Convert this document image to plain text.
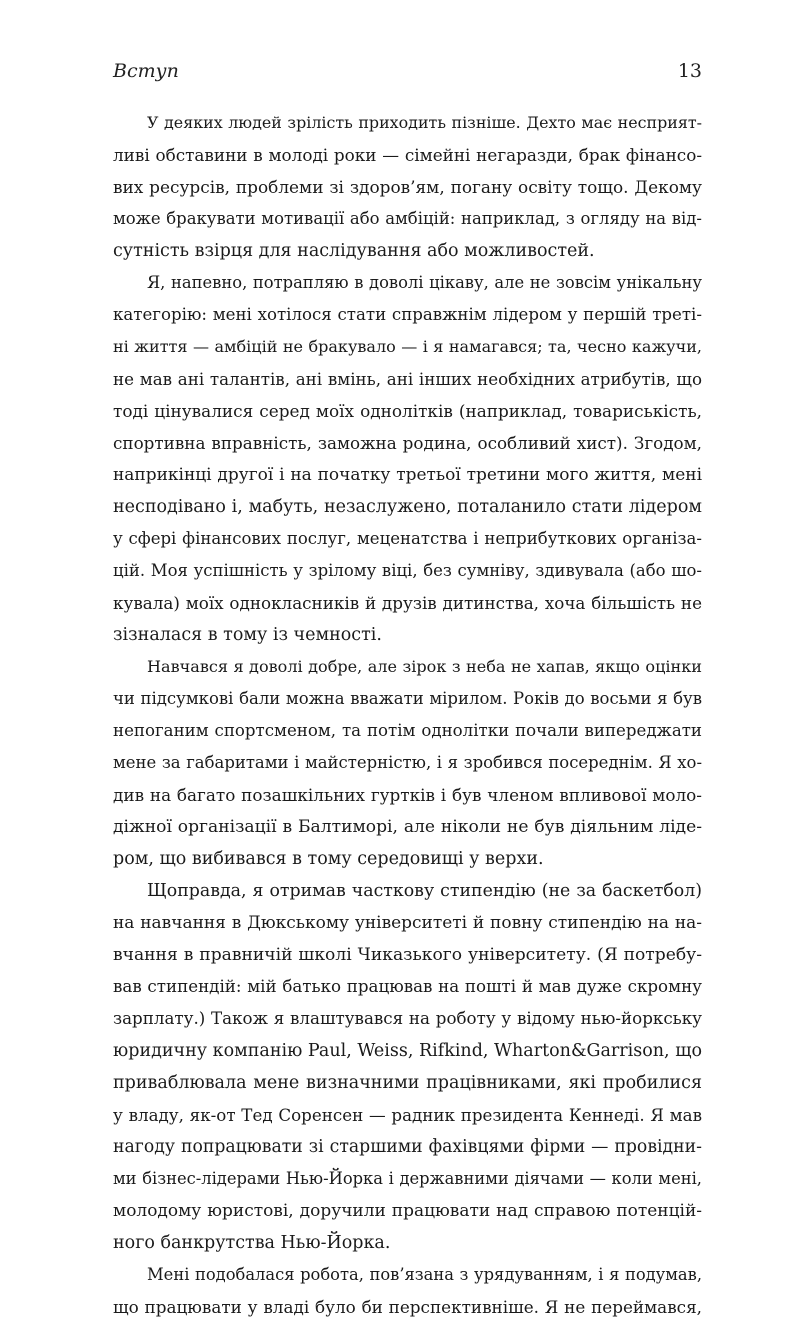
Вступ	13
У деяких людей зрілість приходить пізніше. Дехто має несприят-
ливі обставини в молоді роки — сімейні негаразди, брак фінансо-
вих ресурсів, проблеми зі здоров’ям, погану освіту тощо. Декому
може бракувати мотивації або амбіцій: наприклад, з огляду на від-
сутність взірця для наслідування або можливостей.
Я, напевно, потрапляю в доволі цікаву, але не зовсім унікальну
категорію: мені хотілося стати справжнім лідером у першій треті-
ні життя — амбіцій не бракувало — і я намагався; та, чесно кажучи,
не мав ані талантів, ані вмінь, ані інших необхідних атрибутів, що
тоді цінувалися серед моїх однолітків (наприклад, товариськість,
спортивна вправність, заможна родина, особливий хист). Згодом,
наприкінці другої і на початку третьої третини мого життя, мені
несподівано і, мабуть, незаслужено, поталанило стати лідером
у сфері фінансових послуг, меценатства і неприбуткових організа-
цій. Моя успішність у зрілому віці, без сумніву, здивувала (або шо-
кувала) моїх однокласників й друзів дитинства, хоча більшість не
зізналася в тому із чемності.
Навчався я доволі добре, але зірок з неба не хапав, якщо оцінки
чи підсумкові бали можна вважати мірилом. Років до восьми я був
непоганим спортсменом, та потім однолітки почали випереджати
мене за габаритами і майстерністю, і я зробився посереднім. Я хо-
див на багато позашкільних гуртків і був членом впливової моло-
діжної організації в Балтиморі, але ніколи не був діяльним ліде-
ром, що вибивався в тому середовищі у верхи.
Щоправда, я отримав часткову стипендію (не за баскетбол)
на навчання в Дюкському університеті й повну стипендію на на-
вчання в правничій школі Чиказького університету. (Я потребу-
вав стипендій: мій батько працював на пошті й мав дуже скромну
зарплату.) Також я влаштувався на роботу у відому нью-йоркську
юридичну компанію Paul, Weiss, Rifkind, Wharton&Garrison, що
приваблювала мене визначними працівниками, які пробилися
у владу, як-от Тед Соренсен — радник президента Кеннеді. Я мав
нагоду попрацювати зі старшими фахівцями фірми — провідни-
ми бізнес-лідерами Нью-Йорка і державними діячами — коли мені,
молодому юристові, доручили працювати над справою потенцій-
ного банкрутства Нью-Йорка.
Мені подобалася робота, пов’язана з урядуванням, і я подумав,
що працювати у владі було би перспективніше. Я не переймався,
